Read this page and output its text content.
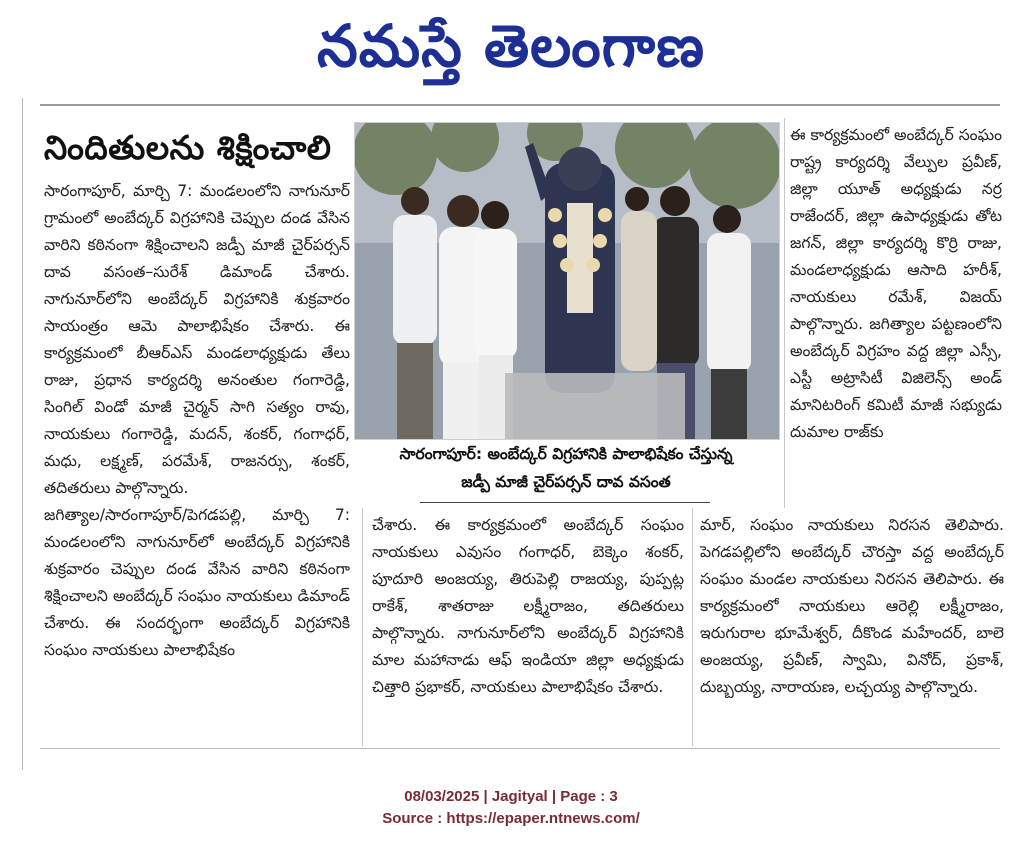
నమస్తే తెలంగాణ
నిందితులను శిక్షించాలి

సారంగాపూర్, మార్చి 7: మండలంలోని నాగునూర్ గ్రామంలో అంబేద్కర్ విగ్రహానికి చెప్పుల దండ వేసిన వారిని కఠినంగా శిక్షించాలని జడ్పీ మాజీ చైర్‌పర్సన్ దావ వసంత–సురేశ్ డిమాండ్ చేశారు. నాగునూర్‌లోని అంబేద్కర్ విగ్రహానికి శుక్రవారం సాయంత్రం ఆమె పాలాభిషేకం చేశారు. ఈ కార్యక్రమంలో బీఆర్‌ఎస్ మండలాధ్యక్షుడు తేలు రాజు, ప్రధాన కార్యదర్శి అనంతుల గంగారెడ్డి, సింగిల్ విండో మాజీ చైర్మన్ సాగి సత్యం రావు, నాయకులు గంగారెడ్డి, మదన్, శంకర్, గంగాధర్, మధు, లక్ష్మణ్, పరమేశ్, రాజనర్సు, శంకర్, తదితరులు పాల్గొన్నారు.

జగిత్యాల/సారంగాపూర్/పెగడపల్లి, మార్చి 7: మండలంలోని నాగునూర్‌లో అంబేద్కర్ విగ్రహానికి శుక్రవారం చెప్పుల దండ వేసిన వారిని కఠినంగా శిక్షించాలని అంబేద్కర్ సంఘం నాయకులు డిమాండ్ చేశారు. ఈ సందర్భంగా అంబేద్కర్ విగ్రహానికి సంఘం నాయకులు పాలాభిషేకం

సారంగాపూర్: అంబేద్కర్ విగ్రహానికి పాలాభిషేకం చేస్తున్న
జడ్పీ మాజీ చైర్‌పర్సన్ దావ వసంత

ఈ కార్యక్రమంలో అంబేద్కర్ సంఘం రాష్ట్ర కార్యదర్శి వేల్పుల ప్రవీణ్, జిల్లా యూత్ అధ్యక్షుడు నర్ర రాజేందర్, జిల్లా ఉపాధ్యక్షుడు తోట జగన్, జిల్లా కార్యదర్శి కొర్రి రాజు, మండలాధ్యక్షుడు ఆసాది హరీశ్, నాయకులు రమేశ్, విజయ్ పాల్గొన్నారు. జగిత్యాల పట్టణంలోని అంబేద్కర్ విగ్రహం వద్ద జిల్లా ఎస్సీ, ఎస్టీ అట్రాసిటీ విజిలెన్స్ అండ్ మానిటరింగ్ కమిటీ మాజీ సభ్యుడు దుమాల రాజ్‌కు

చేశారు. ఈ కార్యక్రమంలో అంబేద్కర్ సంఘం నాయకులు ఎవుసం గంగాధర్, బెక్కెం శంకర్, పూదూరి అంజయ్య, తిరుపెల్లి రాజయ్య, పుప్పట్ల రాకేశ్, శాతరాజు లక్ష్మీరాజం, తదితరులు పాల్గొన్నారు. నాగునూర్‌లోని అంబేద్కర్ విగ్రహానికి మాల మహానాడు ఆఫ్ ఇండియా జిల్లా అధ్యక్షుడు చిత్తారి ప్రభాకర్, నాయకులు పాలాభిషేకం చేశారు.

మార్, సంఘం నాయకులు నిరసన తెలిపారు. పెగడపల్లిలోని అంబేద్కర్ చౌరస్తా వద్ద అంబేద్కర్ సంఘం మండల నాయకులు నిరసన తెలిపారు. ఈ కార్యక్రమంలో నాయకులు ఆరెల్లి లక్ష్మీరాజం, ఇరుగురాల భూమేశ్వర్, దీకొండ మహేందర్, బాలె అంజయ్య, ప్రవీణ్, స్వామి, వినోద్, ప్రకాశ్, దుబ్బయ్య, నారాయణ, లచ్చయ్య పాల్గొన్నారు.

08/03/2025 | Jagityal | Page : 3
Source : https://epaper.ntnews.com/
